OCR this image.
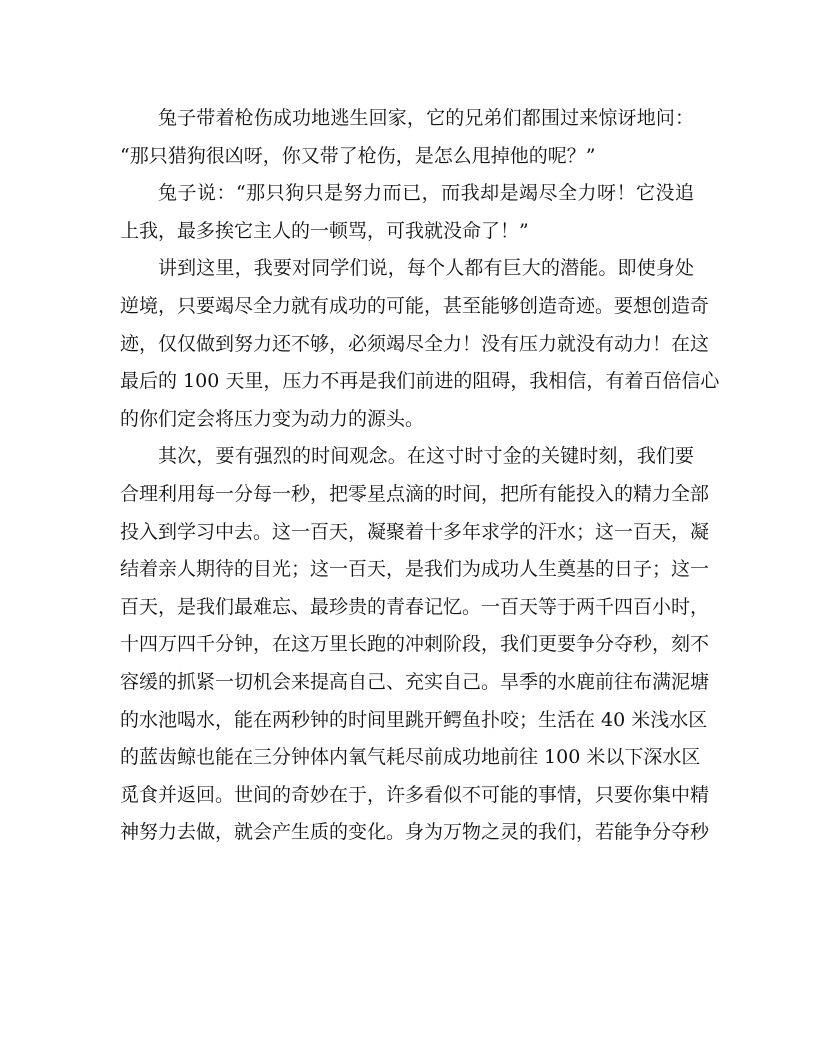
兔子带着枪伤成功地逃生回家，它的兄弟们都围过来惊讶地问：
“那只猎狗很凶呀，你又带了枪伤，是怎么甩掉他的呢？”
兔子说：“那只狗只是努力而已，而我却是竭尽全力呀！它没追
上我，最多挨它主人的一顿骂，可我就没命了！”
讲到这里，我要对同学们说，每个人都有巨大的潜能。即使身处
逆境，只要竭尽全力就有成功的可能，甚至能够创造奇迹。要想创造奇
迹，仅仅做到努力还不够，必须竭尽全力！没有压力就没有动力！在这
最后的 100 天里，压力不再是我们前进的阻碍，我相信，有着百倍信心
的你们定会将压力变为动力的源头。
其次，要有强烈的时间观念。在这寸时寸金的关键时刻，我们要
合理利用每一分每一秒，把零星点滴的时间，把所有能投入的精力全部
投入到学习中去。这一百天，凝聚着十多年求学的汗水；这一百天，凝
结着亲人期待的目光；这一百天，是我们为成功人生奠基的日子；这一
百天，是我们最难忘、最珍贵的青春记忆。一百天等于两千四百小时，
十四万四千分钟，在这万里长跑的冲刺阶段，我们更要争分夺秒，刻不
容缓的抓紧一切机会来提高自己、充实自己。旱季的水鹿前往布满泥塘
的水池喝水，能在两秒钟的时间里跳开鳄鱼扑咬；生活在 40 米浅水区
的蓝齿鲸也能在三分钟体内氧气耗尽前成功地前往 100 米以下深水区
觅食并返回。世间的奇妙在于，许多看似不可能的事情，只要你集中精
神努力去做，就会产生质的变化。身为万物之灵的我们，若能争分夺秒
